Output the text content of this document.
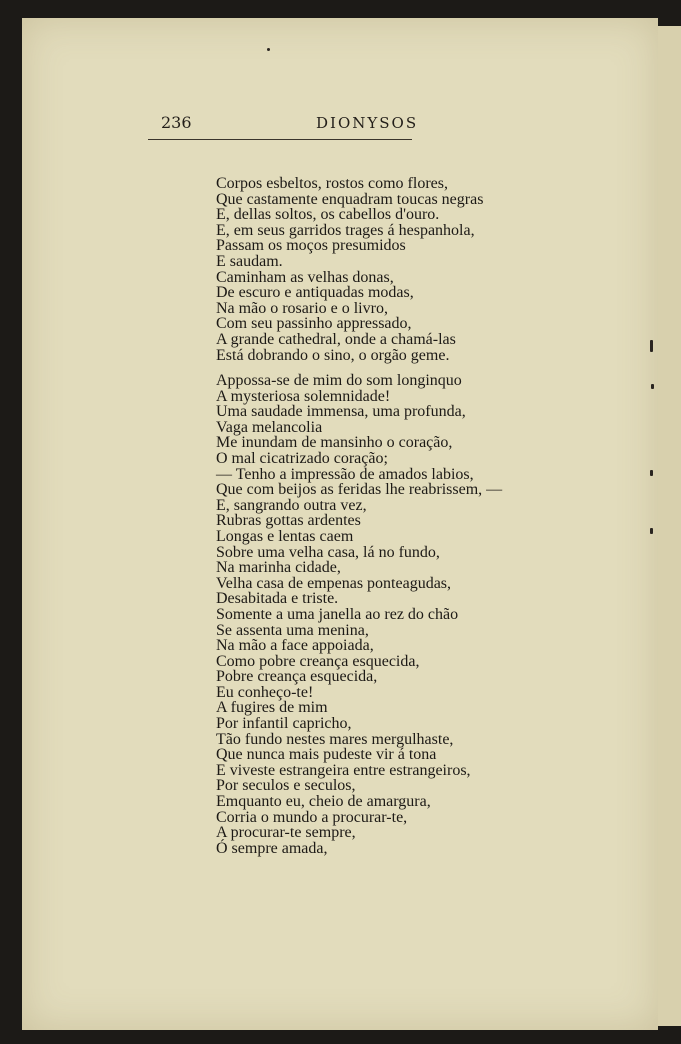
236	DIONYSOS
Corpos esbeltos, rostos como flores,
Que castamente enquadram toucas negras
E, dellas soltos, os cabellos d'ouro.
E, em seus garridos trages á hespanhola,
Passam os moços presumidos
E saudam.
Caminham as velhas donas,
De escuro e antiquadas modas,
Na mão o rosario e o livro,
Com seu passinho appressado,
A grande cathedral, onde a chamá-las
Está dobrando o sino, o orgão geme.
Appossa-se de mim do som longinquo
A mysteriosa solemnidade!
Uma saudade immensa, uma profunda,
Vaga melancolia
Me inundam de mansinho o coração,
O mal cicatrizado coração;
— Tenho a impressão de amados labios,
Que com beijos as feridas lhe reabrissem, —
E, sangrando outra vez,
Rubras gottas ardentes
Longas e lentas caem
Sobre uma velha casa, lá no fundo,
Na marinha cidade,
Velha casa de empenas ponteagudas,
Desabitada e triste.
Somente a uma janella ao rez do chão
Se assenta uma menina,
Na mão a face appoiada,
Como pobre creança esquecida,
Pobre creança esquecida,
Eu conheço-te!
A fugires de mim
Por infantil capricho,
Tão fundo nestes mares mergulhaste,
Que nunca mais pudeste vir á tona
E viveste estrangeira entre estrangeiros,
Por seculos e seculos,
Emquanto eu, cheio de amargura,
Corria o mundo a procurar-te,
A procurar-te sempre,
Ó sempre amada,
